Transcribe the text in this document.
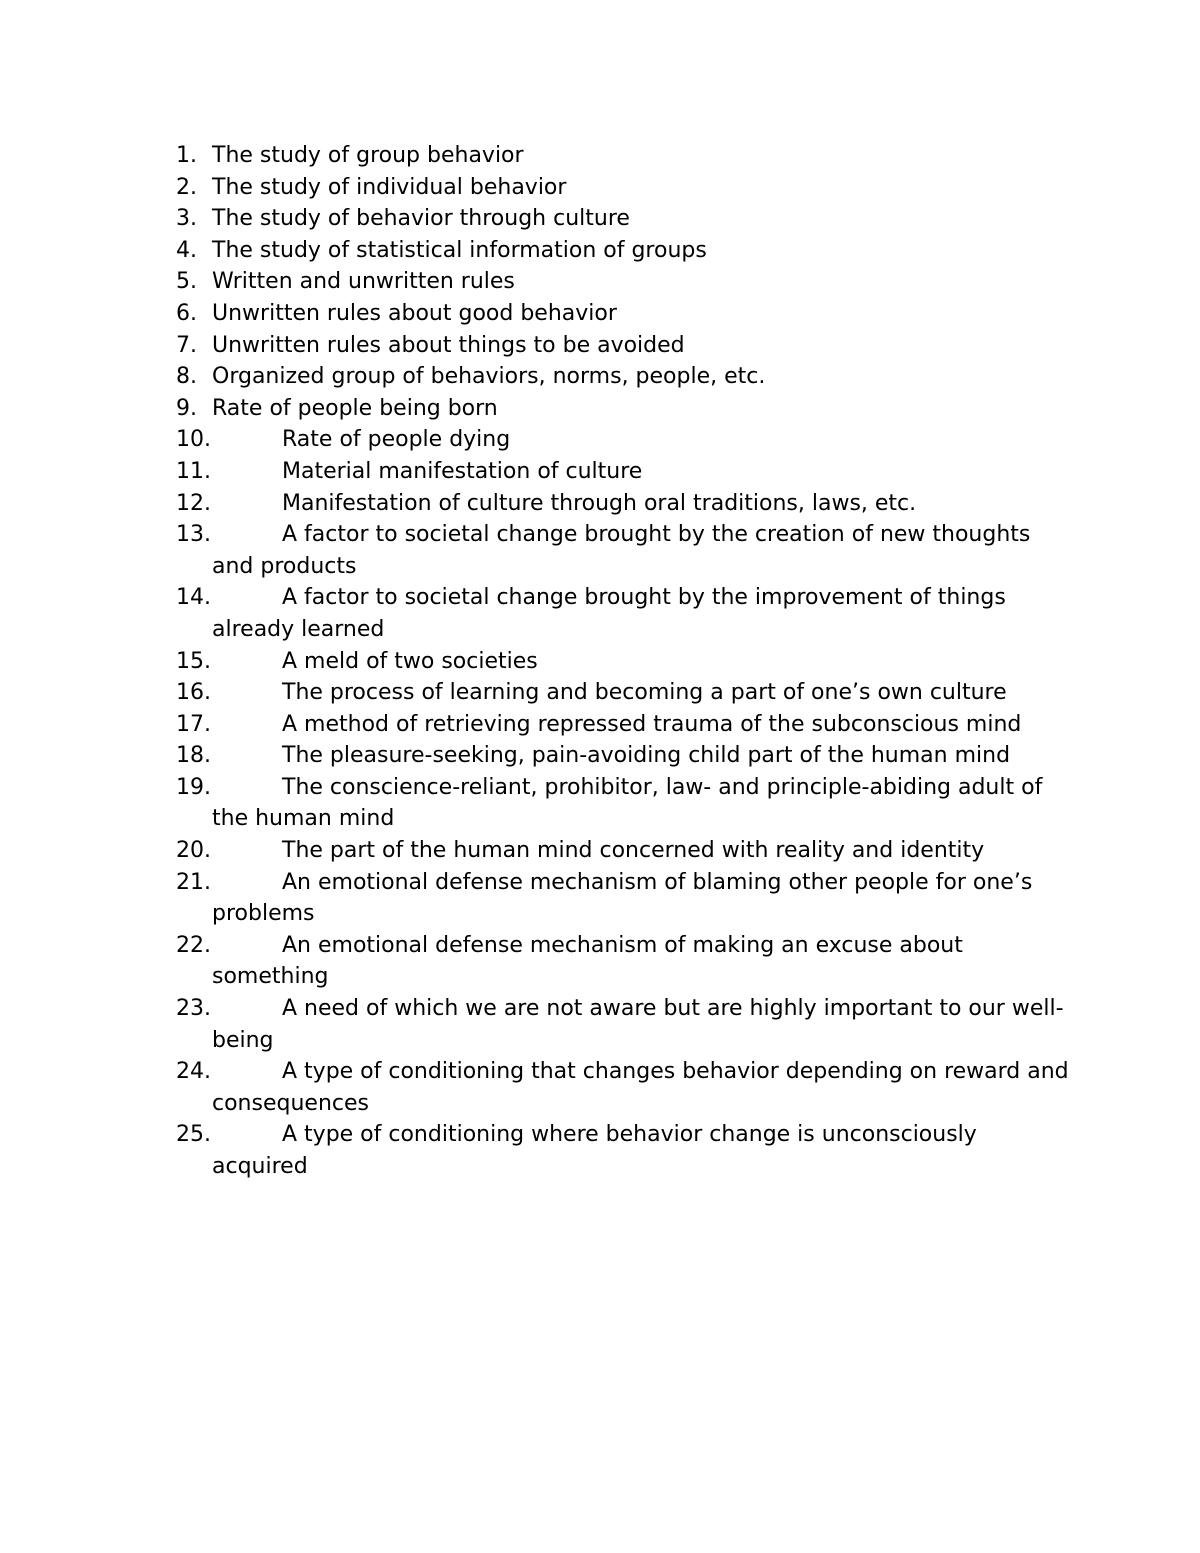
1. The study of group behavior
2. The study of individual behavior
3. The study of behavior through culture
4. The study of statistical information of groups
5. Written and unwritten rules
6. Unwritten rules about good behavior
7. Unwritten rules about things to be avoided
8. Organized group of behaviors, norms, people, etc.
9. Rate of people being born
10.	Rate of people dying
11.	Material manifestation of culture
12.	Manifestation of culture through oral traditions, laws, etc.
13.	A factor to societal change brought by the creation of new thoughts and products
14.	A factor to societal change brought by the improvement of things already learned
15.	A meld of two societies
16.	The process of learning and becoming a part of one’s own culture
17.	A method of retrieving repressed trauma of the subconscious mind
18.	The pleasure-seeking, pain-avoiding child part of the human mind
19.	The conscience-reliant, prohibitor, law- and principle-abiding adult of the human mind
20.	The part of the human mind concerned with reality and identity
21.	An emotional defense mechanism of blaming other people for one’s problems
22.	An emotional defense mechanism of making an excuse about something
23.	A need of which we are not aware but are highly important to our well-being
24.	A type of conditioning that changes behavior depending on reward and consequences
25.	A type of conditioning where behavior change is unconsciously acquired
